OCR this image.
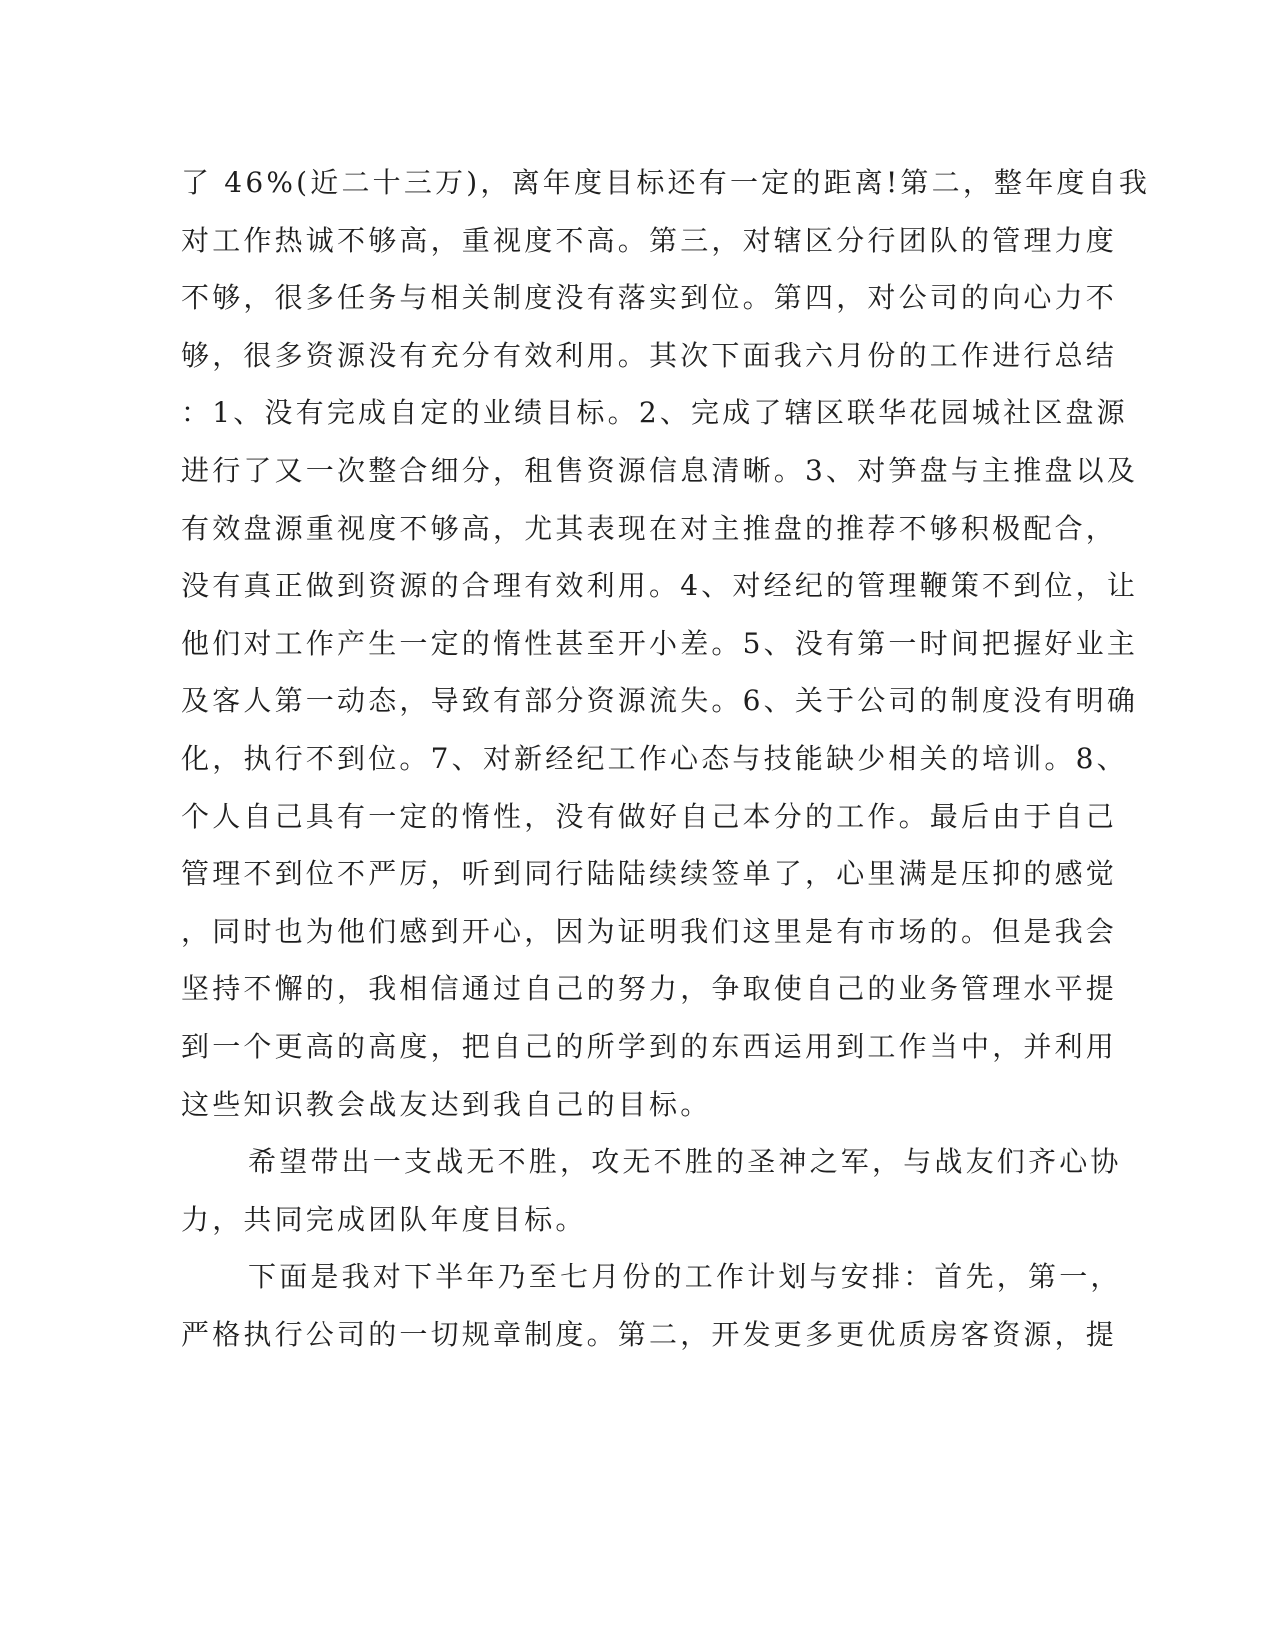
了 46%(近二十三万)，离年度目标还有一定的距离!第二，整年度自我
对工作热诚不够高，重视度不高。第三，对辖区分行团队的管理力度
不够，很多任务与相关制度没有落实到位。第四，对公司的向心力不
够，很多资源没有充分有效利用。其次下面我六月份的工作进行总结
：1、没有完成自定的业绩目标。2、完成了辖区联华花园城社区盘源
进行了又一次整合细分，租售资源信息清晰。3、对笋盘与主推盘以及
有效盘源重视度不够高，尤其表现在对主推盘的推荐不够积极配合，
没有真正做到资源的合理有效利用。4、对经纪的管理鞭策不到位，让
他们对工作产生一定的惰性甚至开小差。5、没有第一时间把握好业主
及客人第一动态，导致有部分资源流失。6、关于公司的制度没有明确
化，执行不到位。7、对新经纪工作心态与技能缺少相关的培训。8、
个人自己具有一定的惰性，没有做好自己本分的工作。最后由于自己
管理不到位不严厉，听到同行陆陆续续签单了，心里满是压抑的感觉
，同时也为他们感到开心，因为证明我们这里是有市场的。但是我会
坚持不懈的，我相信通过自己的努力，争取使自己的业务管理水平提
到一个更高的高度，把自己的所学到的东西运用到工作当中，并利用
这些知识教会战友达到我自己的目标。
希望带出一支战无不胜，攻无不胜的圣神之军，与战友们齐心协
力，共同完成团队年度目标。
下面是我对下半年乃至七月份的工作计划与安排：首先，第一，
严格执行公司的一切规章制度。第二，开发更多更优质房客资源，提
